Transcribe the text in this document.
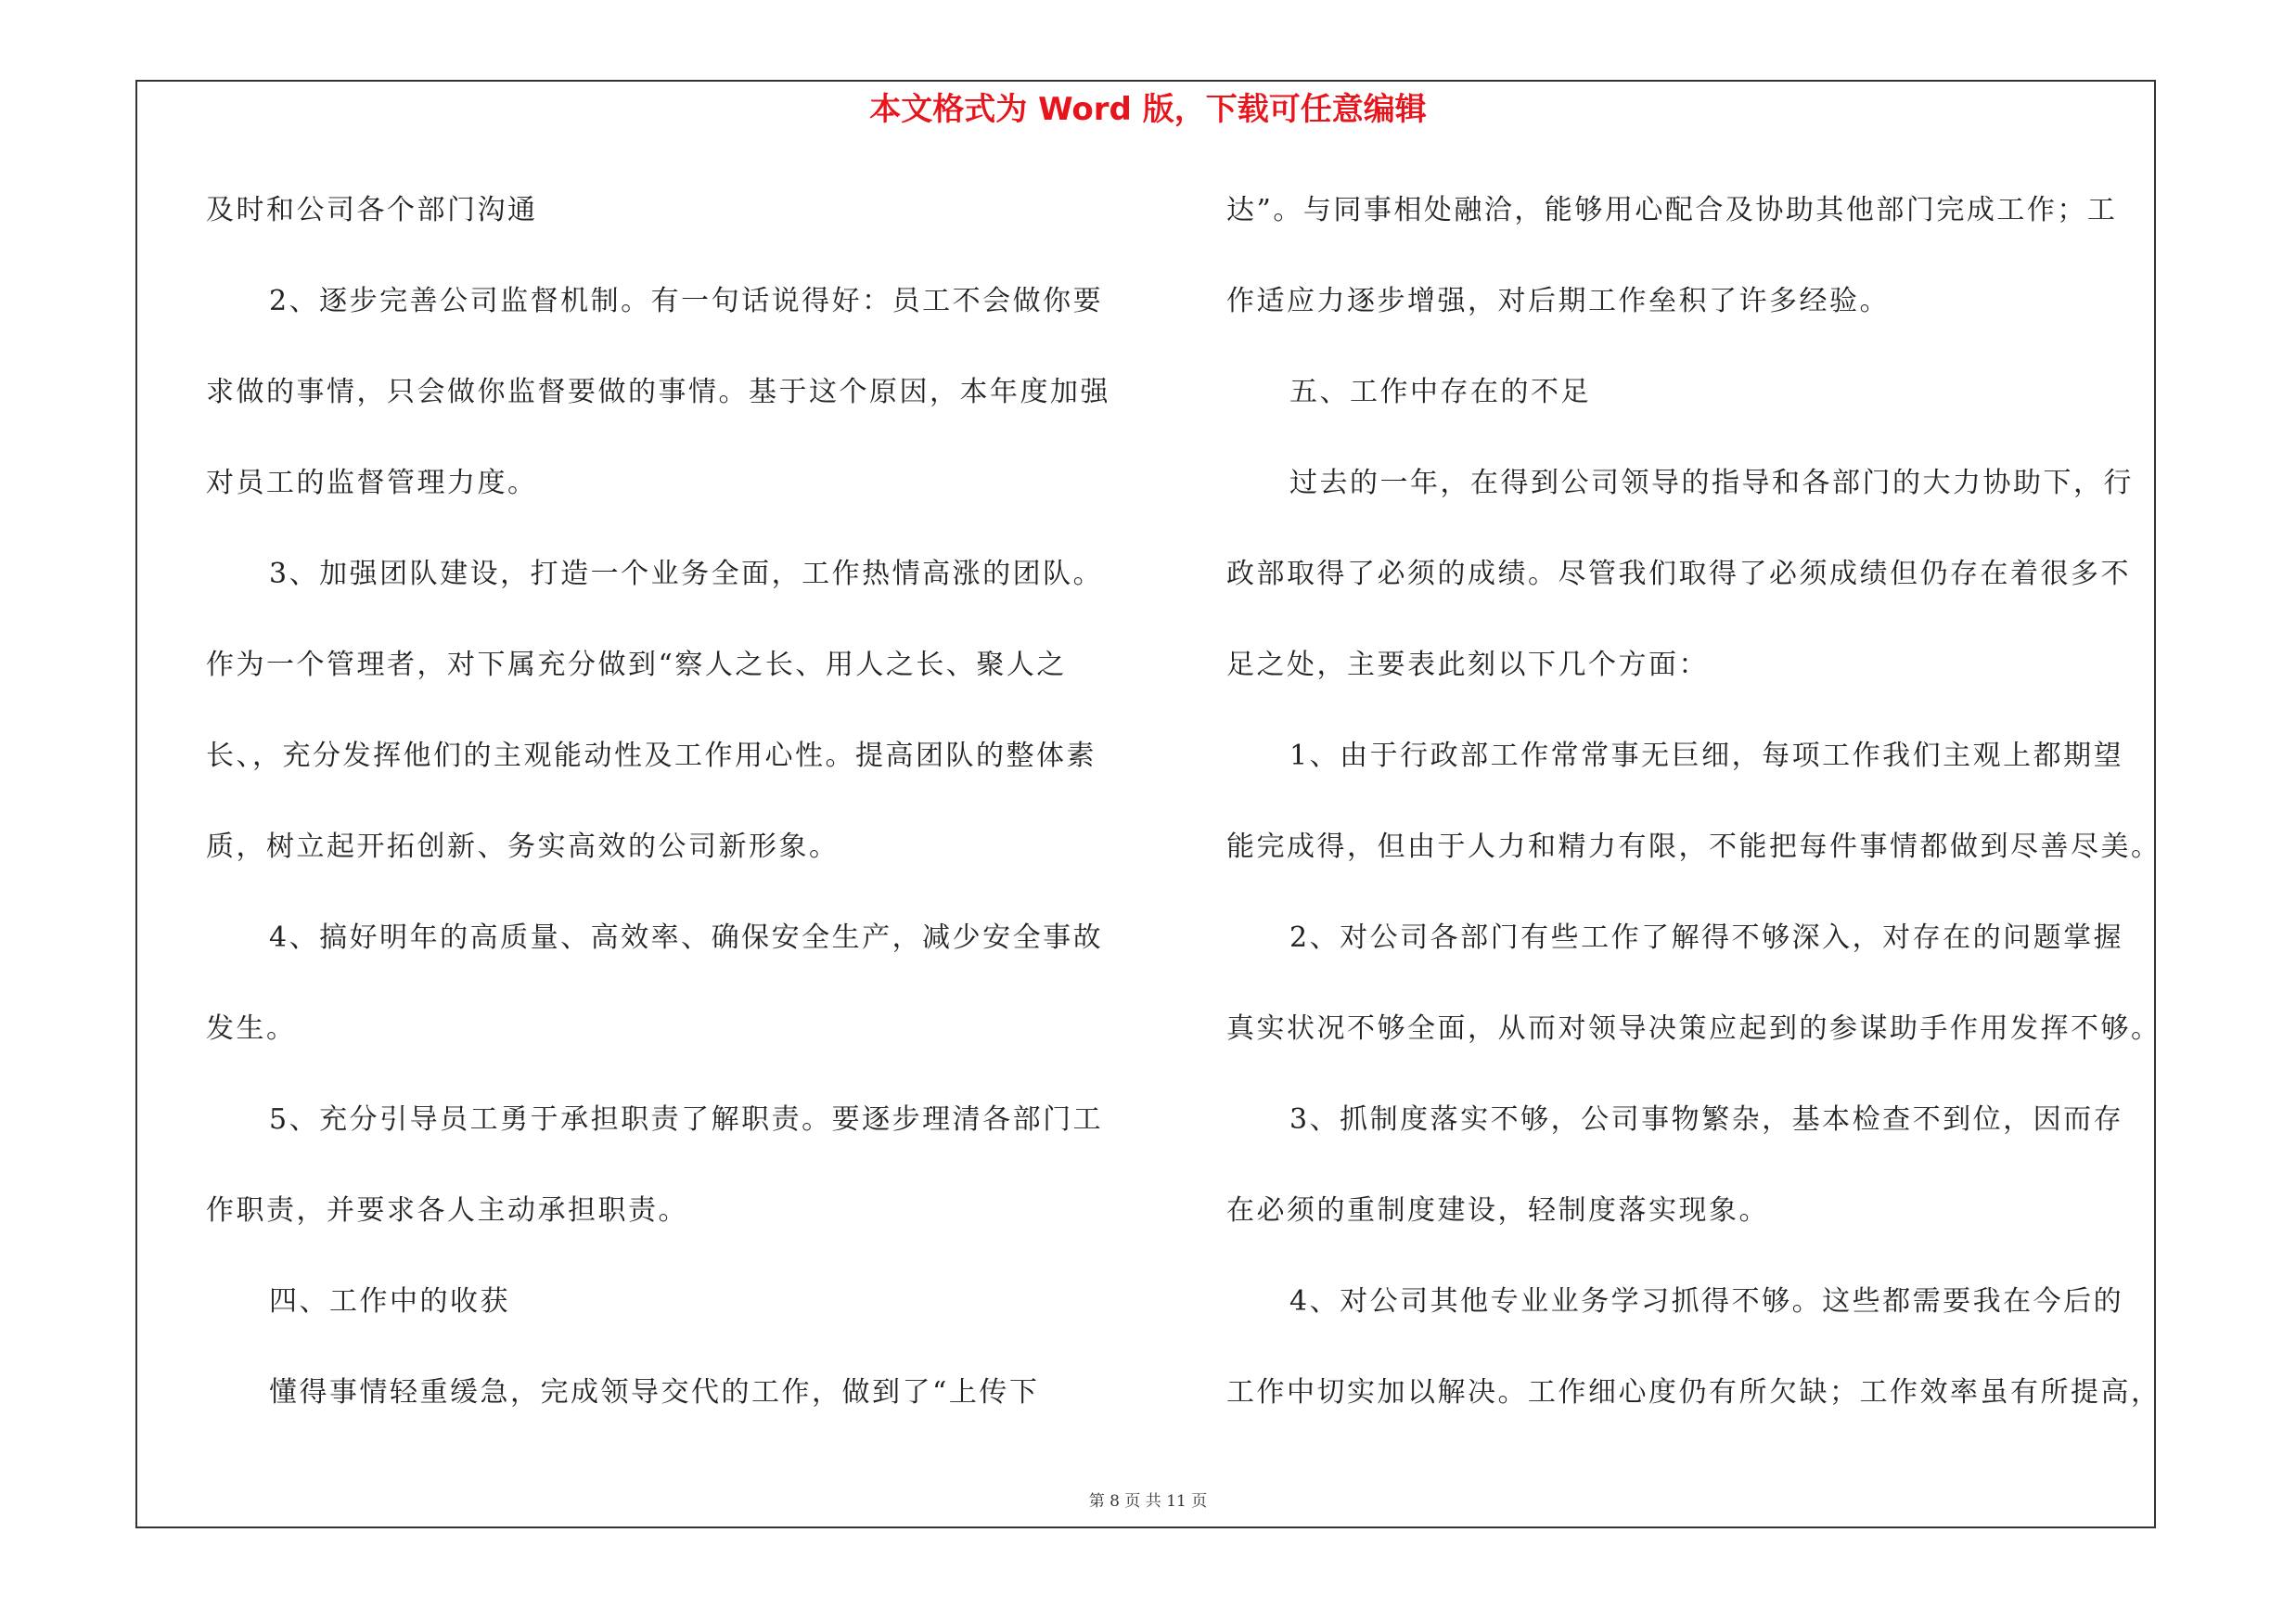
本文格式为 Word 版，下载可任意编辑
及时和公司各个部门沟通
2、逐步完善公司监督机制。有一句话说得好：员工不会做你要
求做的事情，只会做你监督要做的事情。基于这个原因，本年度加强
对员工的监督管理力度。
3、加强团队建设，打造一个业务全面，工作热情高涨的团队。
作为一个管理者，对下属充分做到“察人之长、用人之长、聚人之
长、，充分发挥他们的主观能动性及工作用心性。提高团队的整体素
质，树立起开拓创新、务实高效的公司新形象。
4、搞好明年的高质量、高效率、确保安全生产，减少安全事故
发生。
5、充分引导员工勇于承担职责了解职责。要逐步理清各部门工
作职责，并要求各人主动承担职责。
四、工作中的收获
懂得事情轻重缓急，完成领导交代的工作，做到了“上传下
达”。与同事相处融洽，能够用心配合及协助其他部门完成工作；工
作适应力逐步增强，对后期工作垒积了许多经验。
五、工作中存在的不足
过去的一年，在得到公司领导的指导和各部门的大力协助下，行
政部取得了必须的成绩。尽管我们取得了必须成绩但仍存在着很多不
足之处，主要表此刻以下几个方面：
1、由于行政部工作常常事无巨细，每项工作我们主观上都期望
能完成得，但由于人力和精力有限，不能把每件事情都做到尽善尽美。
2、对公司各部门有些工作了解得不够深入，对存在的问题掌握
真实状况不够全面，从而对领导决策应起到的参谋助手作用发挥不够。
3、抓制度落实不够，公司事物繁杂，基本检查不到位，因而存
在必须的重制度建设，轻制度落实现象。
4、对公司其他专业业务学习抓得不够。这些都需要我在今后的
工作中切实加以解决。工作细心度仍有所欠缺；工作效率虽有所提高，
第 8 页 共 11 页
